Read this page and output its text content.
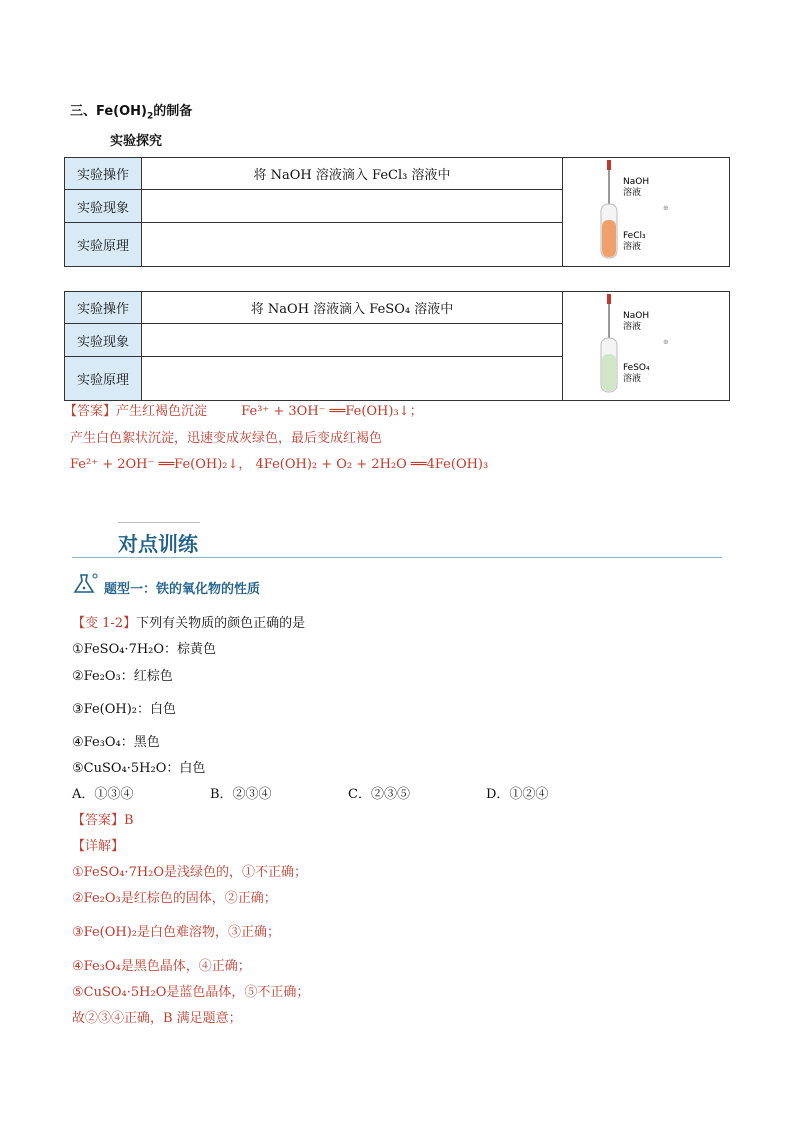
三、$Fe(OH)_2$的制备
实验探究
实验操作	将 NaOH 溶液滴入 FeCl₃ 溶液中	NaOH 溶液
FeCl₃ 溶液
⊕

实验现象		
实验原理		
实验操作	将 NaOH 溶液滴入 FeSO₄ 溶液中	NaOH 溶液
FeSO₄ 溶液
⊕

实验现象		
实验原理		
【答案】产生红褐色沉淀	Fe³⁺ + 3OH⁻ ══Fe(OH)₃↓；
产生白色絮状沉淀，迅速变成灰绿色，最后变成红褐色
Fe²⁺ + 2OH⁻ ══Fe(OH)₂↓， 4Fe(OH)₂ + O₂ + 2H₂O ══4Fe(OH)₃
对点训练
题型一：铁的氧化物的性质
【变 1-2】下列有关物质的颜色正确的是
①FeSO₄·7H₂O：棕黄色
②Fe₂O₃：红棕色
③Fe(OH)₂：白色
④Fe₃O₄：黑色
⑤CuSO₄·5H₂O：白色
A．①③④	B．②③④	C．②③⑤	D．①②④
【答案】B
【详解】
①FeSO₄·7H₂O是浅绿色的，①不正确；
②Fe₂O₃是红棕色的固体，②正确；
③Fe(OH)₂是白色难溶物，③正确；
④Fe₃O₄是黑色晶体，④正确；
⑤CuSO₄·5H₂O是蓝色晶体，⑤不正确；
故②③④正确，B 满足题意；
